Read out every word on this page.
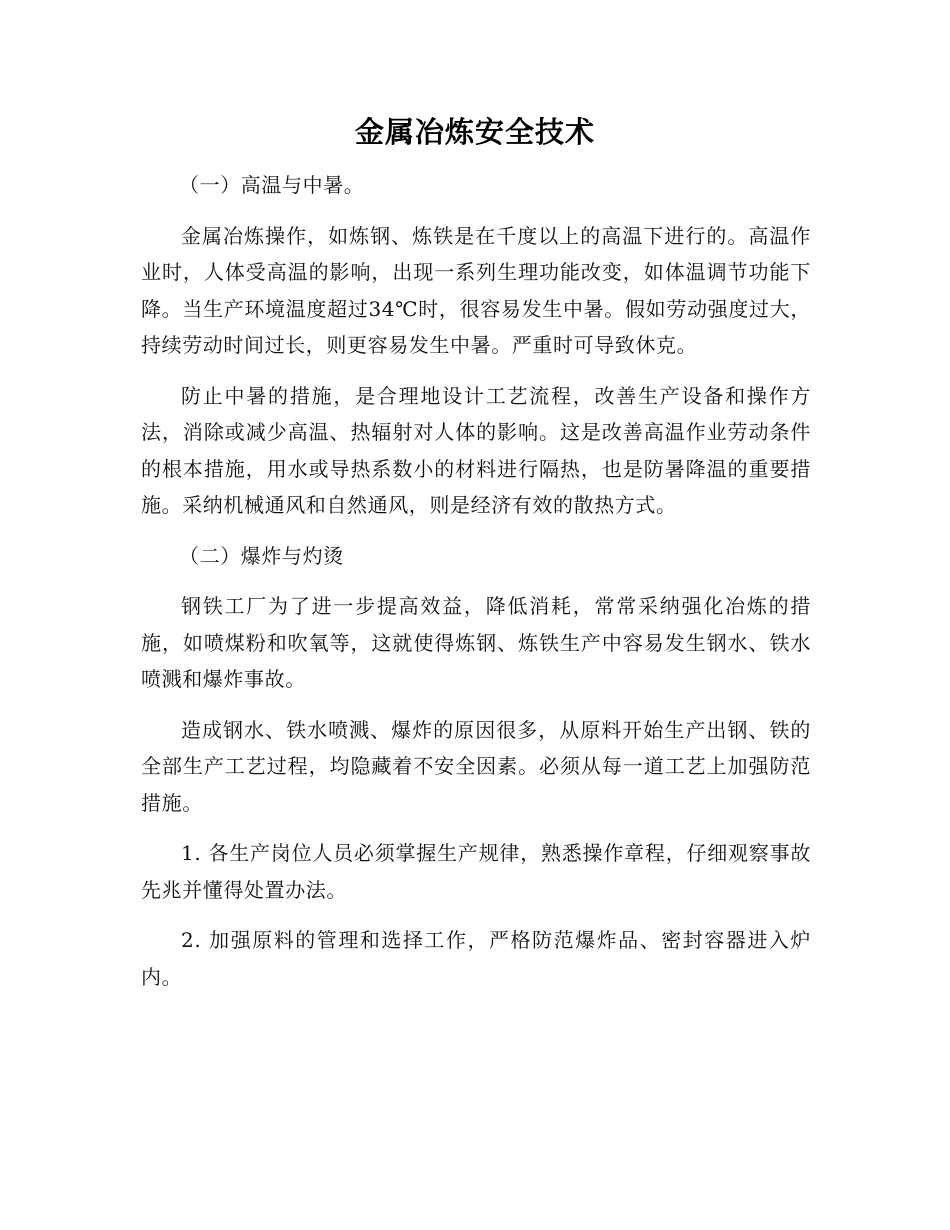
金属冶炼安全技术

（一）高温与中暑。

金属冶炼操作，如炼钢、炼铁是在千度以上的高温下进行的。高温作业时，人体受高温的影响，出现一系列生理功能改变，如体温调节功能下降。当生产环境温度超过34℃时，很容易发生中暑。假如劳动强度过大，持续劳动时间过长，则更容易发生中暑。严重时可导致休克。

防止中暑的措施，是合理地设计工艺流程，改善生产设备和操作方法，消除或减少高温、热辐射对人体的影响。这是改善高温作业劳动条件的根本措施，用水或导热系数小的材料进行隔热，也是防暑降温的重要措施。采纳机械通风和自然通风，则是经济有效的散热方式。

（二）爆炸与灼烫

钢铁工厂为了进一步提高效益，降低消耗，常常采纳强化冶炼的措施，如喷煤粉和吹氧等，这就使得炼钢、炼铁生产中容易发生钢水、铁水喷溅和爆炸事故。

造成钢水、铁水喷溅、爆炸的原因很多，从原料开始生产出钢、铁的全部生产工艺过程，均隐藏着不安全因素。必须从每一道工艺上加强防范措施。

1. 各生产岗位人员必须掌握生产规律，熟悉操作章程，仔细观察事故先兆并懂得处置办法。

2. 加强原料的管理和选择工作，严格防范爆炸品、密封容器进入炉内。
